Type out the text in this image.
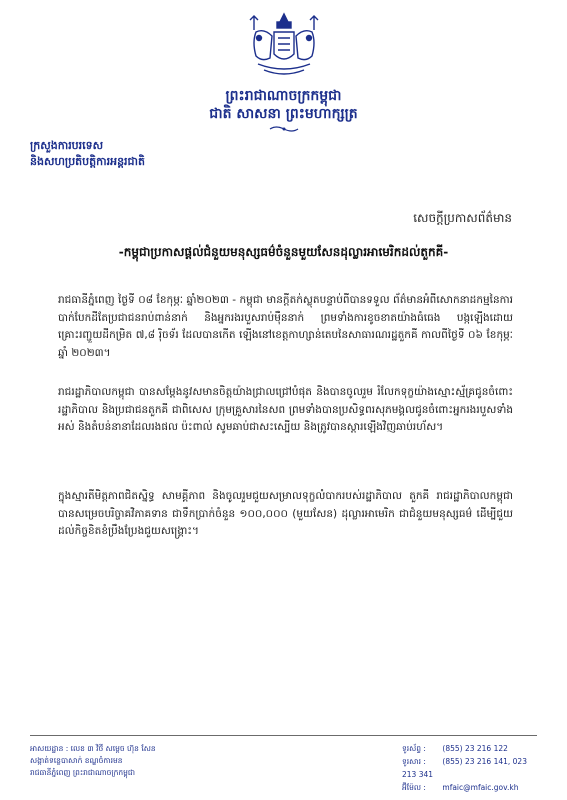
ព្រះរាជាណាចក្រកម្ពុជា
ជាតិ សាសនា ព្រះមហាក្សត្រ
ក្រសួងការបរទេស
និងសហប្រតិបត្តិការអន្តរជាតិ
សេចក្តីប្រកាសព័ត៌មាន
-កម្ពុជាប្រកាសផ្តល់ជំនួយមនុស្សធម៌ចំនួនមួយសែនដុល្លារអាមេរិកដល់តួកគី-
រាជធានីភ្នំពេញ ថ្ងៃទី ០៨ ខែកុម្ភៈ ឆ្នាំ២០២៣ - កម្ពុជា មានក្តីតក់ស្លុតបន្ទាប់ពីបានទទួល ព័ត៌មានអំពីសោកនាដកម្មនៃការបាក់បែកដីតែប្រជាជនរាប់ពាន់នាក់ និងអ្នករងរបួសរាប់ម៉ឺននាក់ ព្រមទាំងការខូចខាតយ៉ាងធំធេង បង្កឡើងដោយគ្រោះរញ្ជួយដីកម្រិត ៧,៨ រ៉ិចទ័រ ដែលបានកើត ឡើងនៅខេត្តកាហ្សាន់តេបនៃសាធារណរដ្ឋតួកគី កាលពីថ្ងៃទី ០៦ ខែកុម្ភៈ ឆ្នាំ ២០២៣។
រាជរដ្ឋាភិបាលកម្ពុជា បានសម្តែងនូវសមានចិត្តយ៉ាងជ្រាលជ្រៅបំផុត និងបានចូលរួម រំលែកទុក្ខយ៉ាងស្មោះស្ម័គ្រជូនចំពោះរដ្ឋាភិបាល និងប្រជាជនតួកគី ជាពិសេស ក្រុមគ្រួសារនៃសព ព្រមទាំងបានប្រសិទ្ធពរសុភមង្គលជូនចំពោះអ្នករងរបួសទាំងអស់ និងតំបន់នានាដែលរងផល ប៉ះពាល់ សូមឆាប់ជាសះស្បើយ និងត្រូវបានស្តារឡើងវិញឆាប់រហ័ស។
ក្នុងស្មារតីមិត្តភាពជិតស្និទ្ធ សាមគ្គីភាព និងចូលរួមជួយសម្រាលទុក្ខលំបាករបស់រដ្ឋាភិបាល តួកគី រាជរដ្ឋាភិបាលកម្ពុជា បានសម្រេចបរិច្ចាគវិភាគទាន ជាទឹកប្រាក់ចំនួន ១០០,០០០ (មួយសែន) ដុល្លារអាមេរិក ជាជំនួយមនុស្សធម៌ ដើម្បីជួយដល់កិច្ចខិតខំប្រឹងប្រែងជួយសង្គ្រោះ។
អាសយដ្ឋាន : លេខ ៣ វិថី សម្តេច ហ៊ុន សែន
សង្កាត់ទន្លេបាសាក់ ខណ្ឌចំការមន
រាជធានីភ្នំពេញ ព្រះរាជាណាចក្រកម្ពុជា
ទូរស័ព្ទ : (855) 23 216 122
ទូរសារ : (855) 23 216 141, 023 213 341
អ៊ីម៉ែល : mfaic@mfaic.gov.kh
